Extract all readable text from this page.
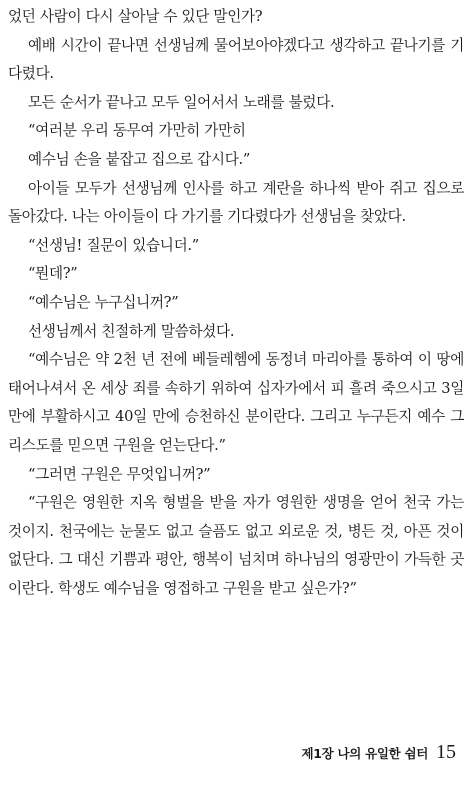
었던 사람이 다시 살아날 수 있단 말인가?

예배 시간이 끝나면 선생님께 물어보아야겠다고 생각하고 끝나기를 기다렸다.

모든 순서가 끝나고 모두 일어서서 노래를 불렀다.

“여러분 우리 동무여 가만히 가만히

예수님 손을 붙잡고 집으로 갑시다.”

아이들 모두가 선생님께 인사를 하고 계란을 하나씩 받아 쥐고 집으로 돌아갔다. 나는 아이들이 다 가기를 기다렸다가 선생님을 찾았다.

“선생님! 질문이 있습니더.”

“뭔데?”

“예수님은 누구십니꺼?”

선생님께서 친절하게 말씀하셨다.

“예수님은 약 2천 년 전에 베들레헴에 동정녀 마리아를 통하여 이 땅에 태어나셔서 온 세상 죄를 속하기 위하여 십자가에서 피 흘려 죽으시고 3일 만에 부활하시고 40일 만에 승천하신 분이란다. 그리고 누구든지 예수 그리스도를 믿으면 구원을 얻는단다.”

“그러면 구원은 무엇입니꺼?”

“구원은 영원한 지옥 형벌을 받을 자가 영원한 생명을 얻어 천국 가는 것이지. 천국에는 눈물도 없고 슬픔도 없고 외로운 것, 병든 것, 아픈 것이 없단다. 그 대신 기쁨과 평안, 행복이 넘치며 하나님의 영광만이 가득한 곳이란다. 학생도 예수님을 영접하고 구원을 받고 싶은가?”

제1장 나의 유일한 쉼터 15
